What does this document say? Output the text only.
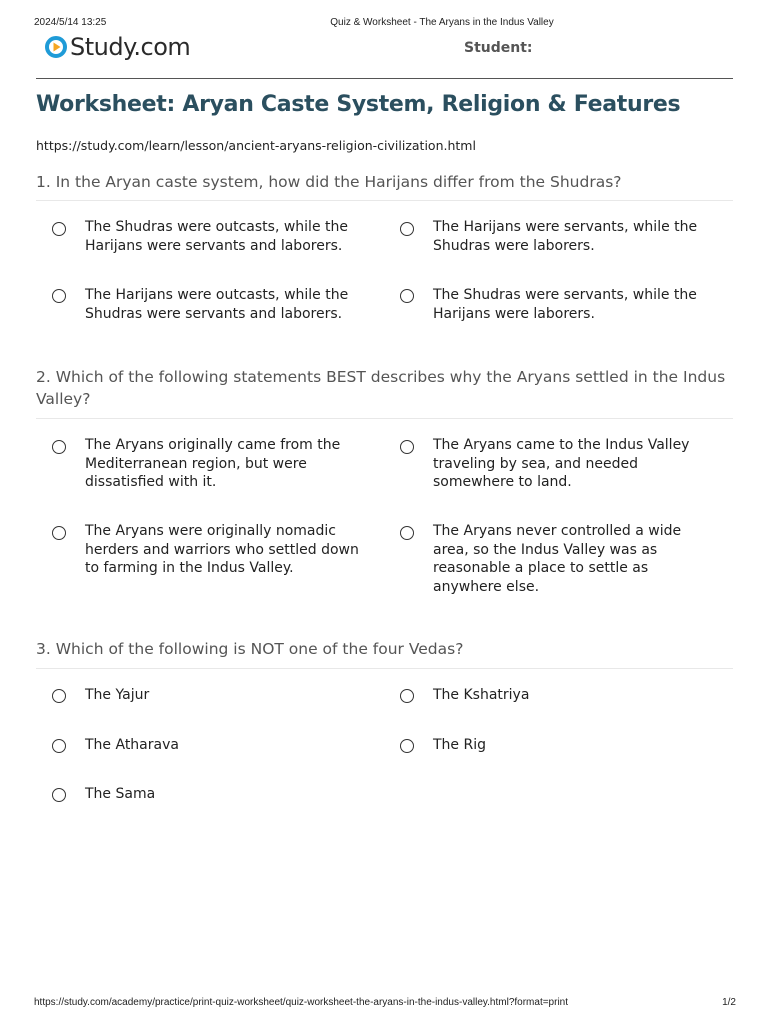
2024/5/14 13:25	Quiz & Worksheet - The Aryans in the Indus Valley
Study.com	Student:
Worksheet: Aryan Caste System, Religion & Features
https://study.com/learn/lesson/ancient-aryans-religion-civilization.html
1. In the Aryan caste system, how did the Harijans differ from the Shudras?
The Shudras were outcasts, while the Harijans were servants and laborers.
The Harijans were servants, while the Shudras were laborers.
The Harijans were outcasts, while the Shudras were servants and laborers.
The Shudras were servants, while the Harijans were laborers.
2. Which of the following statements BEST describes why the Aryans settled in the Indus Valley?
The Aryans originally came from the Mediterranean region, but were dissatisfied with it.
The Aryans came to the Indus Valley traveling by sea, and needed somewhere to land.
The Aryans were originally nomadic herders and warriors who settled down to farming in the Indus Valley.
The Aryans never controlled a wide area, so the Indus Valley was as reasonable a place to settle as anywhere else.
3. Which of the following is NOT one of the four Vedas?
The Yajur	The Kshatriya
The Atharava	The Rig
The Sama
https://study.com/academy/practice/print-quiz-worksheet/quiz-worksheet-the-aryans-in-the-indus-valley.html?format=print	1/2
